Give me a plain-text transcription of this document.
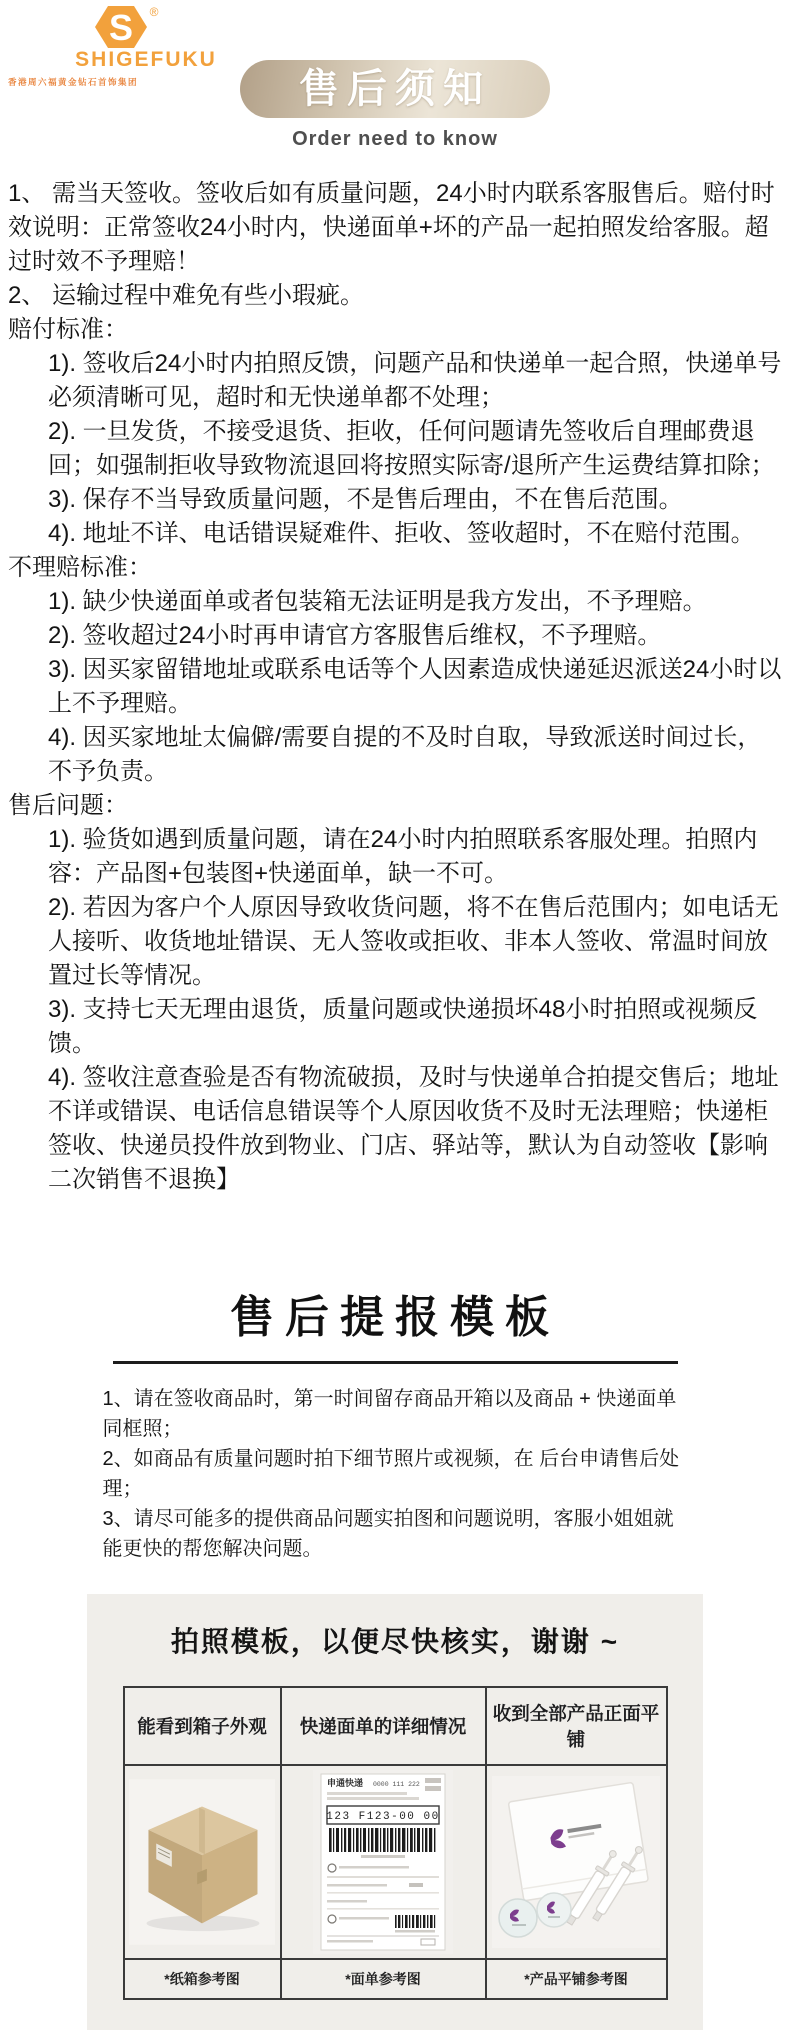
S ®
SHIGEFUKU
香港周六福黄金钻石首饰集团	售后须知
Order need to know
1、 需当天签收。签收后如有质量问题，24小时内联系客服售后。赔付时效说明：正常签收24小时内，快递面单+坏的产品一起拍照发给客服。超过时效不予理赔！
2、 运输过程中难免有些小瑕疵。
赔付标准：
1). 签收后24小时内拍照反馈，问题产品和快递单一起合照，快递单号必须清晰可见，超时和无快递单都不处理；
2). 一旦发货，不接受退货、拒收，任何问题请先签收后自理邮费退回；如强制拒收导致物流退回将按照实际寄/退所产生运费结算扣除；
3). 保存不当导致质量问题，不是售后理由，不在售后范围。
4). 地址不详、电话错误疑难件、拒收、签收超时，不在赔付范围。
不理赔标准：
1). 缺少快递面单或者包装箱无法证明是我方发出，不予理赔。
2). 签收超过24小时再申请官方客服售后维权，不予理赔。
3). 因买家留错地址或联系电话等个人因素造成快递延迟派送24小时以上不予理赔。
4). 因买家地址太偏僻/需要自提的不及时自取，导致派送时间过长，不予负责。
售后问题：
1). 验货如遇到质量问题，请在24小时内拍照联系客服处理。拍照内容：产品图+包装图+快递面单，缺一不可。
2). 若因为客户个人原因导致收货问题，将不在售后范围内；如电话无人接听、收货地址错误、无人签收或拒收、非本人签收、常温时间放置过长等情况。
3). 支持七天无理由退货，质量问题或快递损坏48小时拍照或视频反馈。
4). 签收注意查验是否有物流破损，及时与快递单合拍提交售后；地址不详或错误、电话信息错误等个人原因收货不及时无法理赔；快递柜签收、快递员投件放到物业、门店、驿站等，默认为自动签收【影响二次销售不退换】
售后提报模板
1、请在签收商品时，第一时间留存商品开箱以及商品 + 快递面单同框照；
2、如商品有质量问题时拍下细节照片或视频，在 后台申请售后处理；
3、请尽可能多的提供商品问题实拍图和问题说明，客服小姐姐就能更快的帮您解决问题。
拍照模板，以便尽快核实，谢谢 ~
能看到箱子外观	快递面单的详细情况	收到全部产品正面平铺

申通快递 0000 111 222
123 F123-00 00

*纸箱参考图	*面单参考图	*产品平铺参考图
